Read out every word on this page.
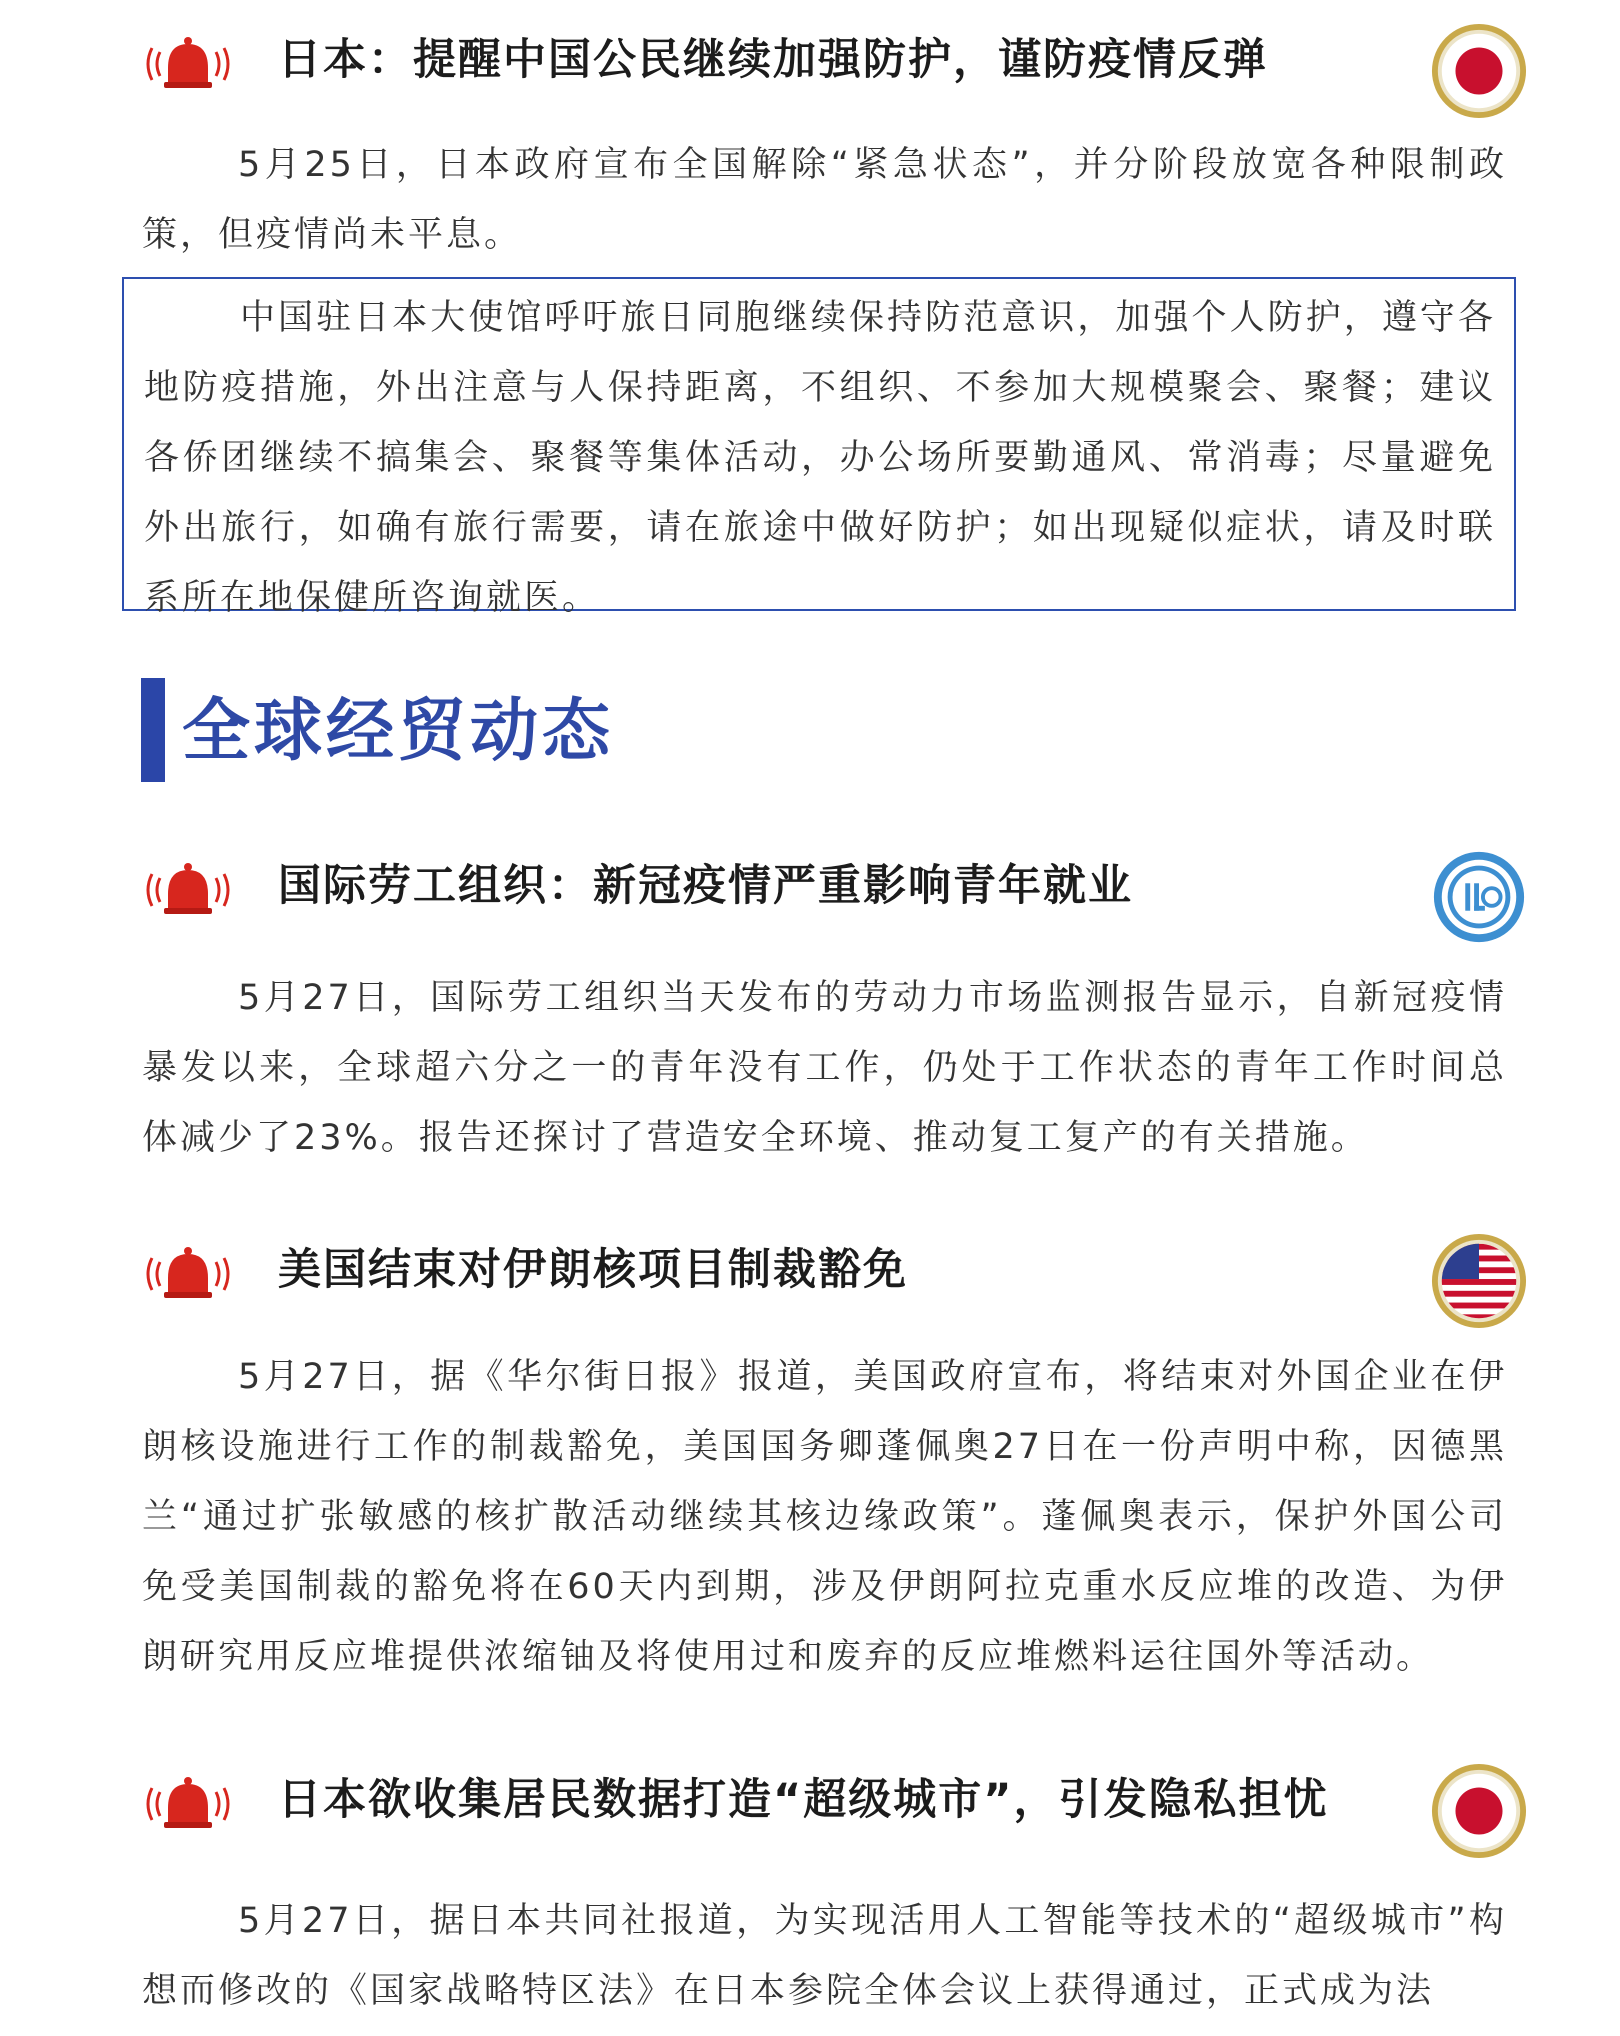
日本：提醒中国公民继续加强防护，谨防疫情反弹

5月25日，日本政府宣布全国解除“紧急状态”，并分阶段放宽各种限制政策，但疫情尚未平息。

中国驻日本大使馆呼吁旅日同胞继续保持防范意识，加强个人防护，遵守各地防疫措施，外出注意与人保持距离，不组织、不参加大规模聚会、聚餐；建议各侨团继续不搞集会、聚餐等集体活动，办公场所要勤通风、常消毒；尽量避免外出旅行，如确有旅行需要，请在旅途中做好防护；如出现疑似症状，请及时联系所在地保健所咨询就医。

全球经贸动态
国际劳工组织：新冠疫情严重影响青年就业

5月27日，国际劳工组织当天发布的劳动力市场监测报告显示，自新冠疫情暴发以来，全球超六分之一的青年没有工作，仍处于工作状态的青年工作时间总体减少了23%。报告还探讨了营造安全环境、推动复工复产的有关措施。

美国结束对伊朗核项目制裁豁免

5月27日，据《华尔街日报》报道，美国政府宣布，将结束对外国企业在伊朗核设施进行工作的制裁豁免，美国国务卿蓬佩奥27日在一份声明中称，因德黑兰“通过扩张敏感的核扩散活动继续其核边缘政策”。蓬佩奥表示，保护外国公司免受美国制裁的豁免将在60天内到期，涉及伊朗阿拉克重水反应堆的改造、为伊朗研究用反应堆提供浓缩铀及将使用过和废弃的反应堆燃料运往国外等活动。

日本欲收集居民数据打造“超级城市”，引发隐私担忧

5月27日，据日本共同社报道，为实现活用人工智能等技术的“超级城市”构想而修改的《国家战略特区法》在日本参院全体会议上获得通过，正式成为法
